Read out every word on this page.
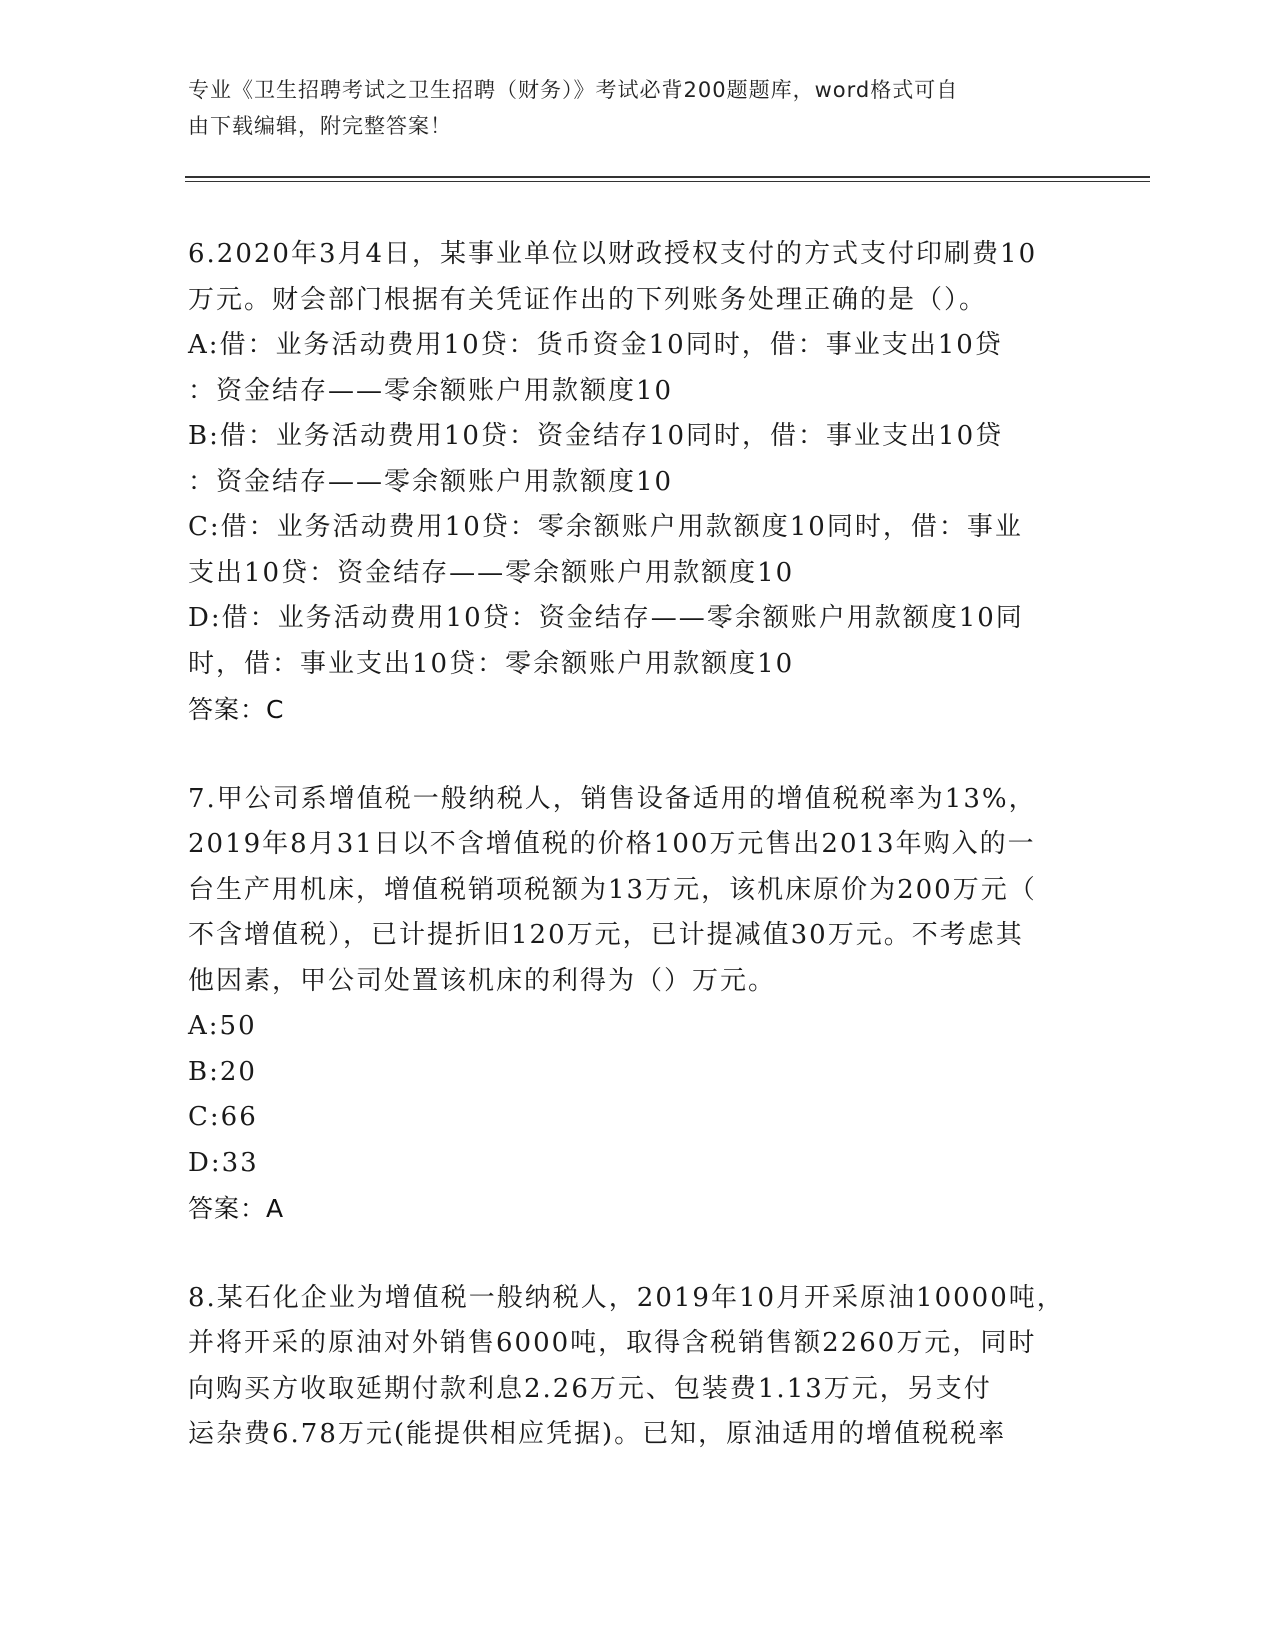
专业《卫生招聘考试之卫生招聘（财务）》考试必背200题题库，word格式可自
由下载编辑，附完整答案！
6.2020年3月4日，某事业单位以财政授权支付的方式支付印刷费10
万元。财会部门根据有关凭证作出的下列账务处理正确的是（）。
A:借：业务活动费用10贷：货币资金10同时，借：事业支出10贷
：资金结存——零余额账户用款额度10
B:借：业务活动费用10贷：资金结存10同时，借：事业支出10贷
：资金结存——零余额账户用款额度10
C:借：业务活动费用10贷：零余额账户用款额度10同时，借：事业
支出10贷：资金结存——零余额账户用款额度10
D:借：业务活动费用10贷：资金结存——零余额账户用款额度10同
时，借：事业支出10贷：零余额账户用款额度10
答案：C
7.甲公司系增值税一般纳税人，销售设备适用的增值税税率为13%，
2019年8月31日以不含增值税的价格100万元售出2013年购入的一
台生产用机床，增值税销项税额为13万元，该机床原价为200万元（
不含增值税），已计提折旧120万元，已计提减值30万元。不考虑其
他因素，甲公司处置该机床的利得为（）万元。
A:50
B:20
C:66
D:33
答案：A
8.某石化企业为增值税一般纳税人，2019年10月开采原油10000吨，
并将开采的原油对外销售6000吨，取得含税销售额2260万元，同时
向购买方收取延期付款利息2.26万元、包装费1.13万元，另支付
运杂费6.78万元(能提供相应凭据)。已知，原油适用的增值税税率
